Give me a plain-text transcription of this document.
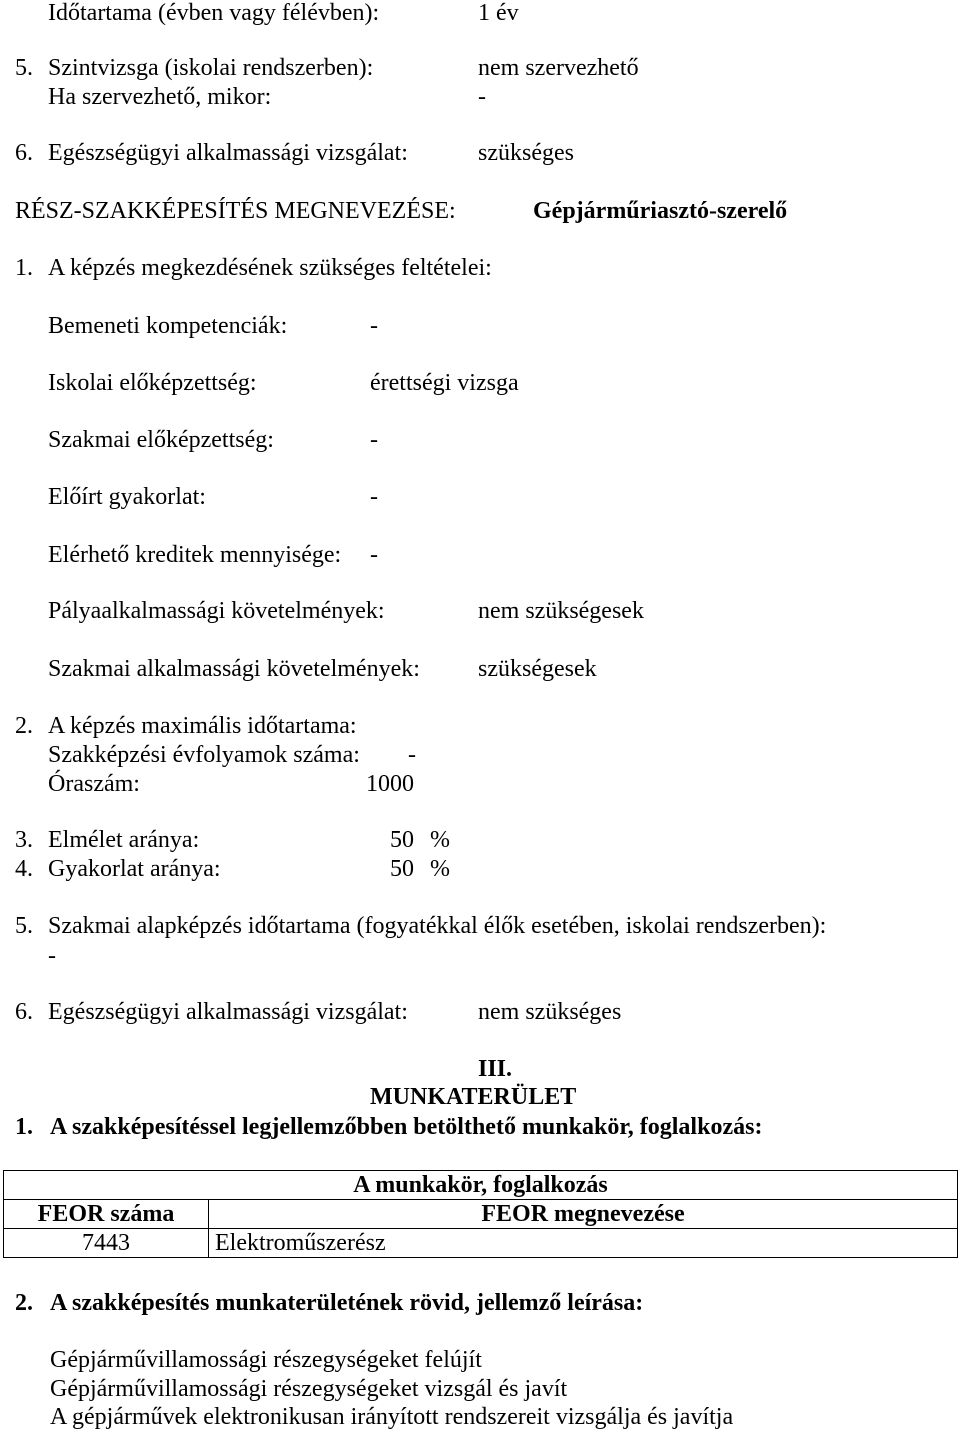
Időtartama (évben vagy félévben):	1 év
5. Szintvizsga (iskolai rendszerben):	nem szervezhető
Ha szervezhető, mikor:	-
6. Egészségügyi alkalmassági vizsgálat:	szükséges
RÉSZ-SZAKKÉPESÍTÉS MEGNEVEZÉSE:	Gépjárműriasztó-szerelő
1. A képzés megkezdésének szükséges feltételei:
Bemeneti kompetenciák:	-
Iskolai előképzettség:	érettségi vizsga
Szakmai előképzettség:	-
Előírt gyakorlat:	-
Elérhető kreditek mennyisége: -
Pályaalkalmassági követelmények:	nem szükségesek
Szakmai alkalmassági követelmények: szükségesek
2. A képzés maximális időtartama:
Szakképzési évfolyamok száma: -
Óraszám:	1000
3. Elmélet aránya:	50 %
4. Gyakorlat aránya:	50 %
5. Szakmai alapképzés időtartama (fogyatékkal élők esetében, iskolai rendszerben):
-
6. Egészségügyi alkalmassági vizsgálat:	nem szükséges
III.
MUNKATERÜLET
1. A szakképesítéssel legjellemzőbben betölthető munkakör, foglalkozás:
A munkakör, foglalkozás	
FEOR száma	FEOR megnevezése
7443	Elektroműszerész
2. A szakképesítés munkaterületének rövid, jellemző leírása:
Gépjárművillamossági részegységeket felújít
Gépjárművillamossági részegységeket vizsgál és javít
A gépjárművek elektronikusan irányított rendszereit vizsgálja és javítja
